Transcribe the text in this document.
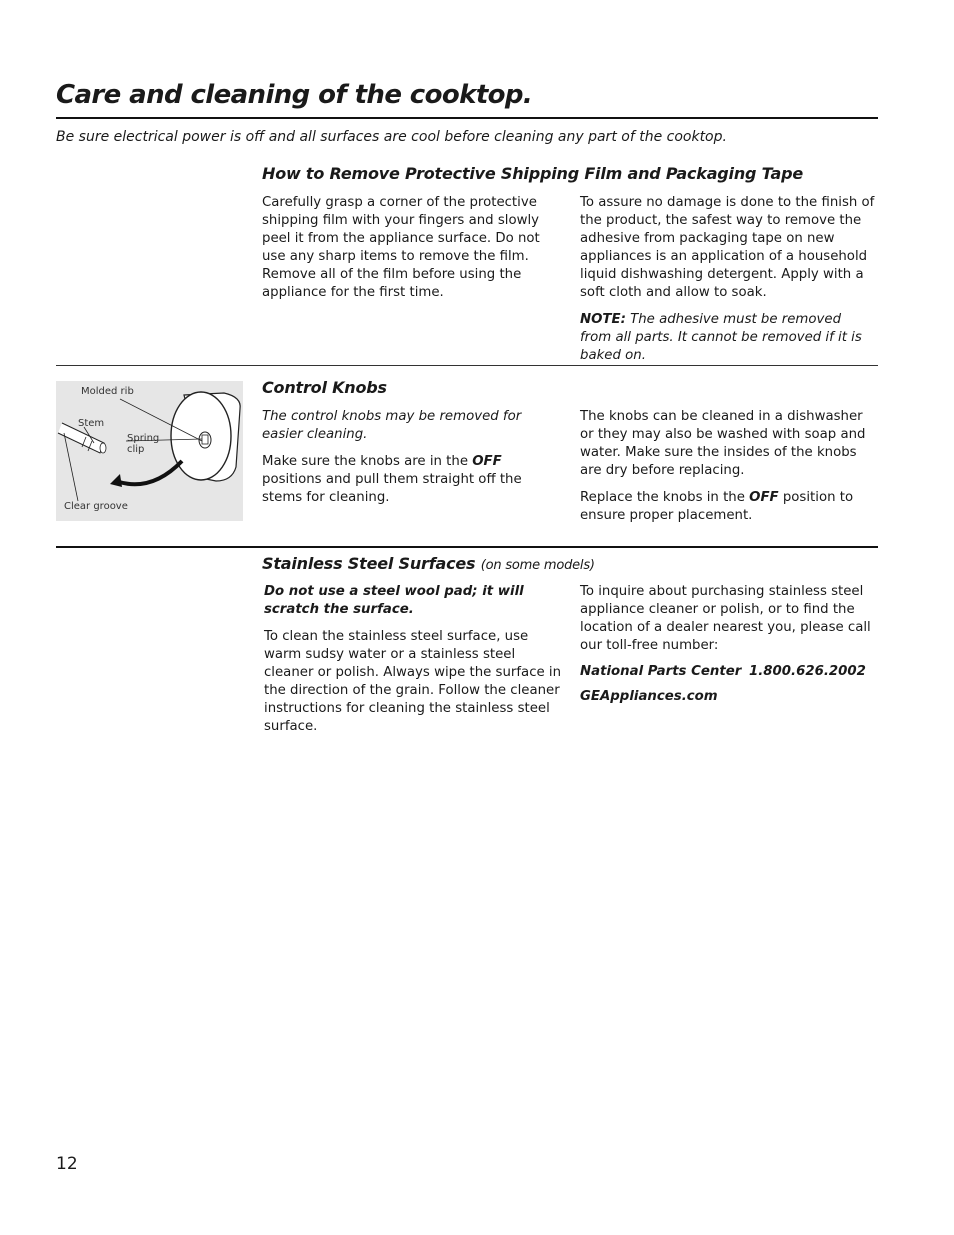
Care and cleaning of the cooktop.
Be sure electrical power is off and all surfaces are cool before cleaning any part of the cooktop.
How to Remove Protective Shipping Film and Packaging Tape

Carefully grasp a corner of the protective shipping film with your fingers and slowly peel it from the appliance surface. Do not use any sharp items to remove the film. Remove all of the film before using the appliance for the first time.

To assure no damage is done to the finish of the product, the safest way to remove the adhesive from packaging tape on new appliances is an application of a household liquid dishwashing detergent. Apply with a soft cloth and allow to soak.

NOTE: The adhesive must be removed from all parts. It cannot be removed if it is baked on.

Molded rib
Stem
Spring
clip
Clear groove
Control Knobs

The control knobs may be removed for easier cleaning.

Make sure the knobs are in the OFF positions and pull them straight off the stems for cleaning.

The knobs can be cleaned in a dishwasher or they may also be washed with soap and water. Make sure the insides of the knobs are dry before replacing.

Replace the knobs in the OFF position to ensure proper placement.

Stainless Steel Surfaces (on some models)

Do not use a steel wool pad; it will scratch the surface.

To clean the stainless steel surface, use warm sudsy water or a stainless steel cleaner or polish. Always wipe the surface in the direction of the grain. Follow the cleaner instructions for cleaning the stainless steel surface.

To inquire about purchasing stainless steel appliance cleaner or polish, or to find the location of a dealer nearest you, please call our toll-free number:

National Parts Center 1.800.626.2002
GEAppliances.com
12
